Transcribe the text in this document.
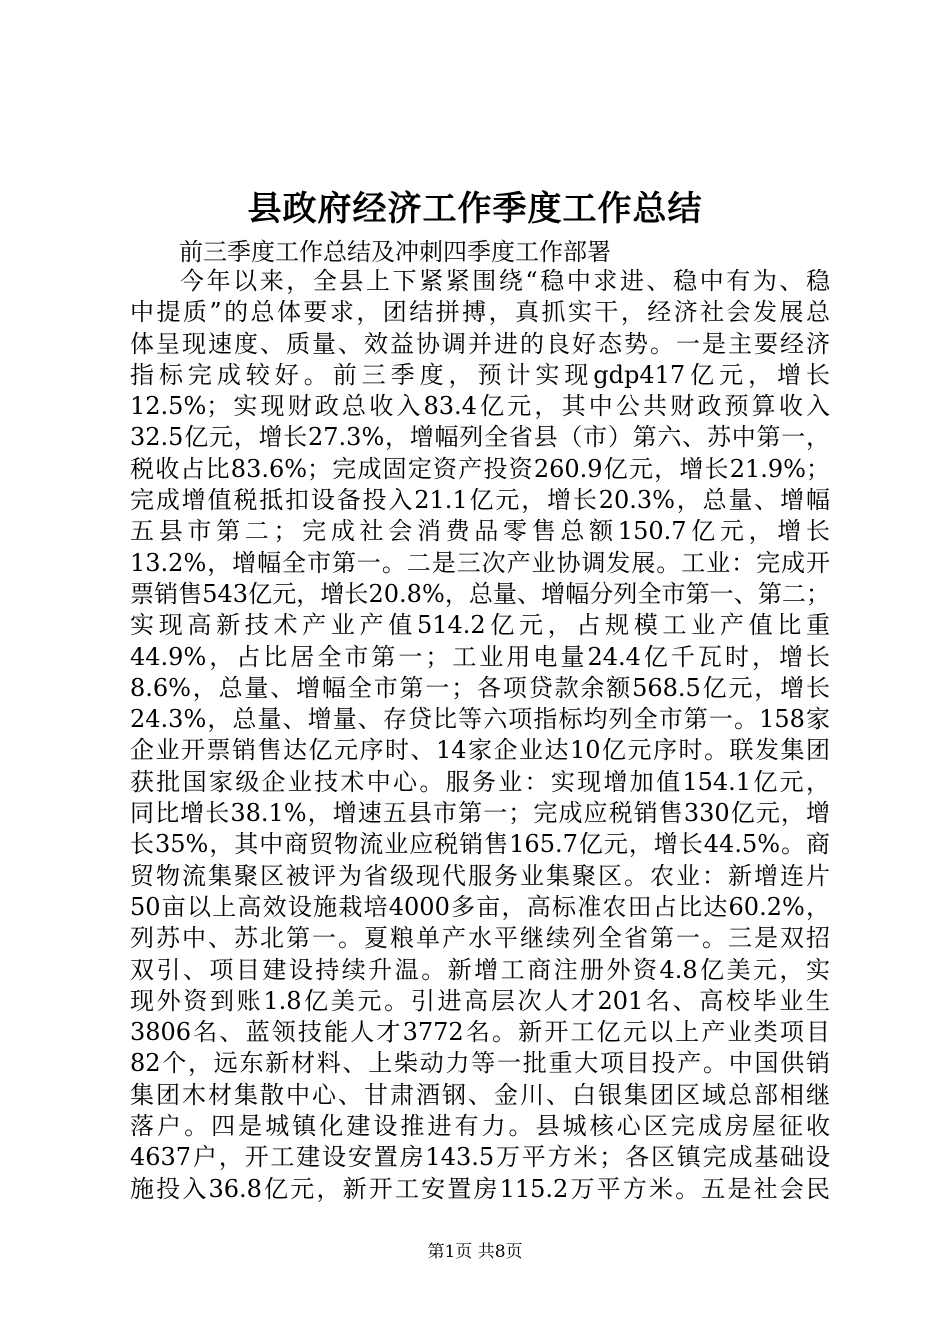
县政府经济工作季度工作总结
前三季度工作总结及冲刺四季度工作部署
今年以来，全县上下紧紧围绕“稳中求进、稳中有为、稳
中提质”的总体要求，团结拼搏，真抓实干，经济社会发展总
体呈现速度、质量、效益协调并进的良好态势。一是主要经济
指标完成较好。前三季度，预计实现gdp417亿元，增长
12.5%；实现财政总收入83.4亿元，其中公共财政预算收入
32.5亿元，增长27.3%，增幅列全省县（市）第六、苏中第一，
税收占比83.6%；完成固定资产投资260.9亿元，增长21.9%；
完成增值税抵扣设备投入21.1亿元，增长20.3%，总量、增幅
五县市第二；完成社会消费品零售总额150.7亿元，增长
13.2%，增幅全市第一。二是三次产业协调发展。工业：完成开
票销售543亿元，增长20.8%，总量、增幅分列全市第一、第二；
实现高新技术产业产值514.2亿元，占规模工业产值比重
44.9%，占比居全市第一；工业用电量24.4亿千瓦时，增长
8.6%，总量、增幅全市第一；各项贷款余额568.5亿元，增长
24.3%，总量、增量、存贷比等六项指标均列全市第一。158家
企业开票销售达亿元序时、14家企业达10亿元序时。联发集团
获批国家级企业技术中心。服务业：实现增加值154.1亿元，
同比增长38.1%，增速五县市第一；完成应税销售330亿元，增
长35%，其中商贸物流业应税销售165.7亿元，增长44.5%。商
贸物流集聚区被评为省级现代服务业集聚区。农业：新增连片
50亩以上高效设施栽培4000多亩，高标准农田占比达60.2%，
列苏中、苏北第一。夏粮单产水平继续列全省第一。三是双招
双引、项目建设持续升温。新增工商注册外资4.8亿美元，实
现外资到账1.8亿美元。引进高层次人才201名、高校毕业生
3806名、蓝领技能人才3772名。新开工亿元以上产业类项目
82个，远东新材料、上柴动力等一批重大项目投产。中国供销
集团木材集散中心、甘肃酒钢、金川、白银集团区域总部相继
落户。四是城镇化建设推进有力。县城核心区完成房屋征收
4637户，开工建设安置房143.5万平方米；各区镇完成基础设
施投入36.8亿元，新开工安置房115.2万平方米。五是社会民
第1页 共8页
